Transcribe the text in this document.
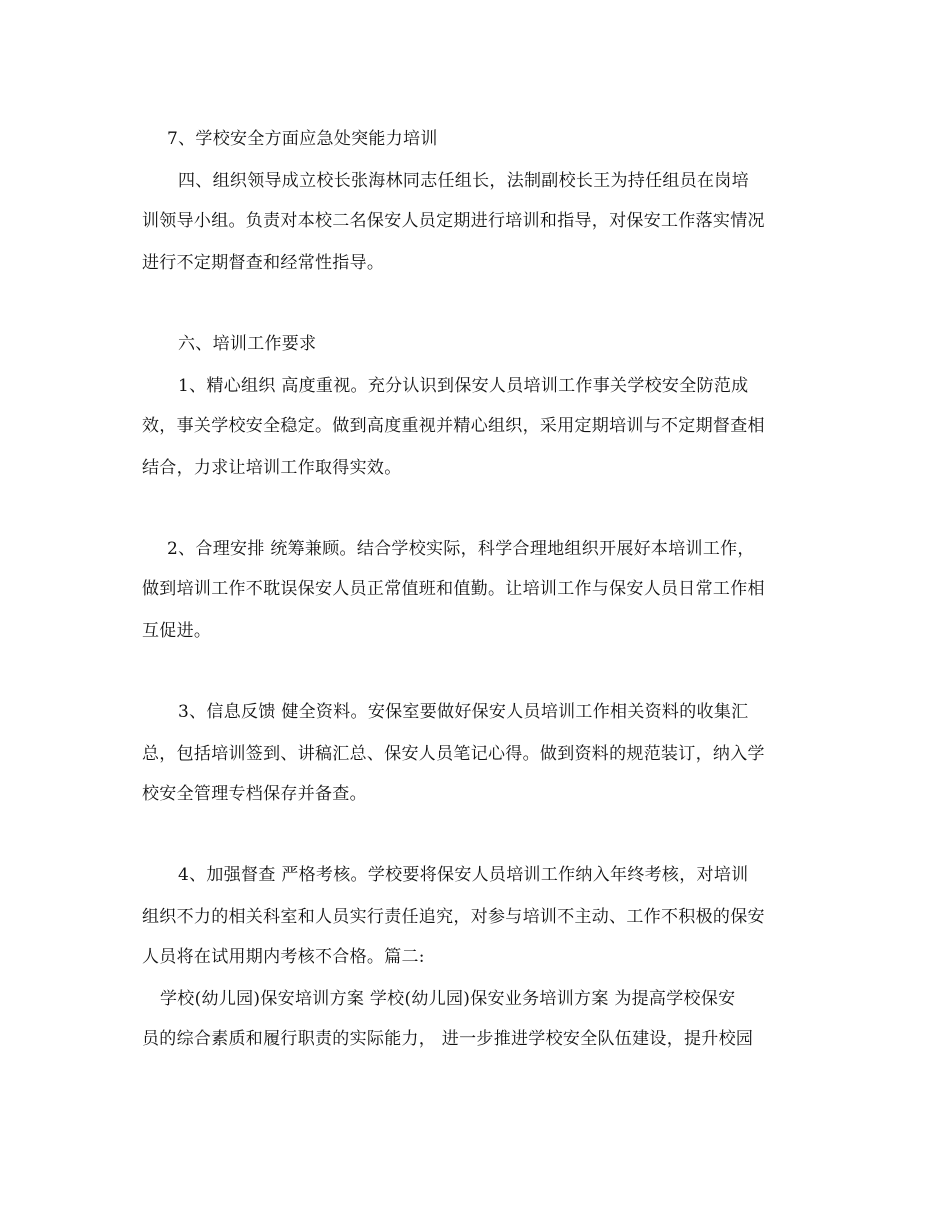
7、学校安全方面应急处突能力培训
四、组织领导成立校长张海林同志任组长，法制副校长王为持任组员在岗培
训领导小组。负责对本校二名保安人员定期进行培训和指导，对保安工作落实情况
进行不定期督查和经常性指导。
六、培训工作要求
1、精心组织 高度重视。充分认识到保安人员培训工作事关学校安全防范成
效，事关学校安全稳定。做到高度重视并精心组织，采用定期培训与不定期督查相
结合，力求让培训工作取得实效。
2、合理安排 统筹兼顾。结合学校实际，科学合理地组织开展好本培训工作，
做到培训工作不耽误保安人员正常值班和值勤。让培训工作与保安人员日常工作相
互促进。
3、信息反馈 健全资料。安保室要做好保安人员培训工作相关资料的收集汇
总，包括培训签到、讲稿汇总、保安人员笔记心得。做到资料的规范装订，纳入学
校安全管理专档保存并备查。
4、加强督查 严格考核。学校要将保安人员培训工作纳入年终考核，对培训
组织不力的相关科室和人员实行责任追究，对参与培训不主动、工作不积极的保安
人员将在试用期内考核不合格。篇二:
学校(幼儿园)保安培训方案 学校(幼儿园)保安业务培训方案 为提高学校保安
员的综合素质和履行职责的实际能力， 进一步推进学校安全队伍建设，提升校园
